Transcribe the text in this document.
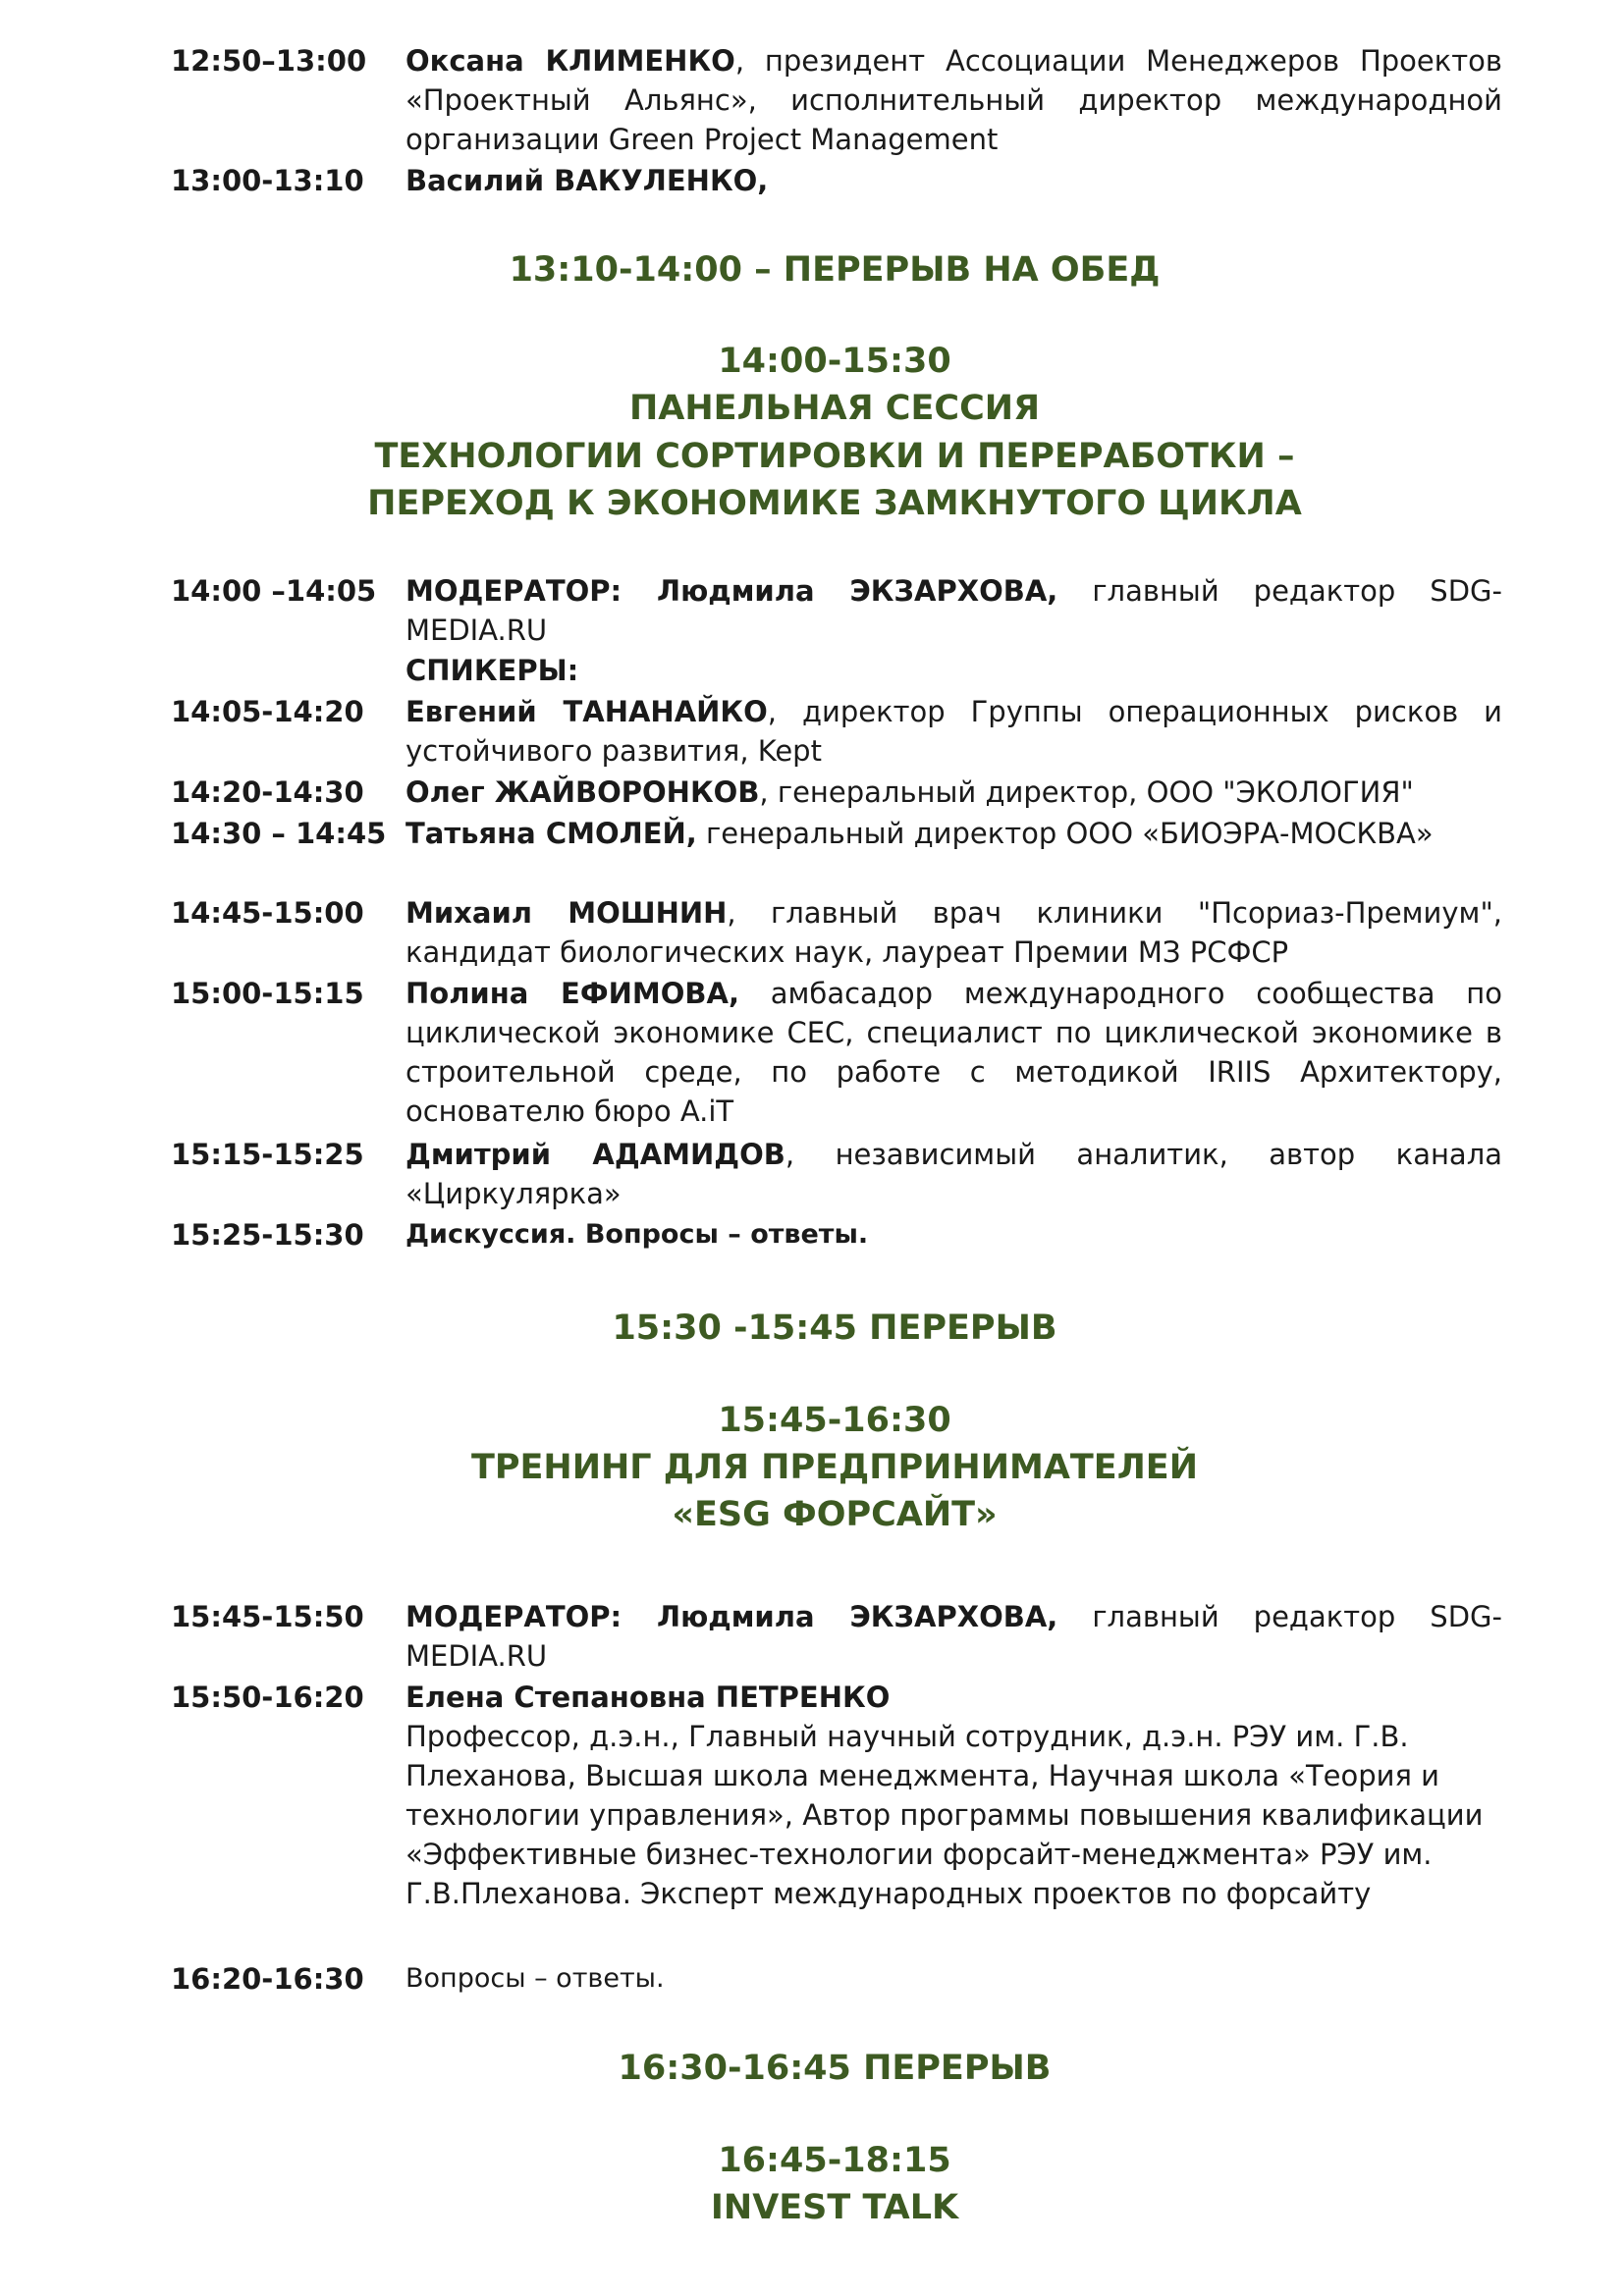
12:50–13:00	Оксана КЛИМЕНКО, президент Ассоциации Менеджеров Проектов «Проектный Альянс», исполнительный директор международной организации Green Project Management
13:00-13:10	Василий ВАКУЛЕНКО,
13:10-14:00 – ПЕРЕРЫВ НА ОБЕД
14:00-15:30
ПАНЕЛЬНАЯ СЕССИЯ
ТЕХНОЛОГИИ СОРТИРОВКИ И ПЕРЕРАБОТКИ –
ПЕРЕХОД К ЭКОНОМИКЕ ЗАМКНУТОГО ЦИКЛА
14:00 –14:05	МОДЕРАТОР: Людмила ЭКЗАРХОВА, главный редактор SDG-MEDIA.RU
СПИКЕРЫ:
14:05-14:20	Евгений ТАНАНАЙКО, директор Группы операционных рисков и устойчивого развития, Kept
14:20-14:30	Олег ЖАЙВОРОНКОВ, генеральный директор, ООО "ЭКОЛОГИЯ"
14:30 – 14:45 Татьяна СМОЛЕЙ, генеральный директор ООО «БИОЭРА-МОСКВА»
14:45-15:00	Михаил МОШНИН, главный врач клиники "Псориаз-Премиум", кандидат биологических наук, лауреат Премии МЗ РСФСР
15:00-15:15	Полина ЕФИМОВА, амбасадор международного сообщества по циклической экономике CEC, специалист по циклической экономике в строительной среде, по работе с методикой IRIIS Архитектору, основателю бюро A.iT
15:15-15:25	Дмитрий АДАМИДОВ, независимый аналитик, автор канала «Циркулярка»
15:25-15:30	Дискуссия. Вопросы – ответы.
15:30 -15:45 ПЕРЕРЫВ
15:45-16:30
ТРЕНИНГ ДЛЯ ПРЕДПРИНИМАТЕЛЕЙ
«ESG ФОРСАЙТ»
15:45-15:50	МОДЕРАТОР: Людмила ЭКЗАРХОВА, главный редактор SDG-MEDIA.RU
15:50-16:20	Елена Степановна ПЕТРЕНКО
Профессор, д.э.н., Главный научный сотрудник, д.э.н. РЭУ им. Г.В. Плеханова, Высшая школа менеджмента, Научная школа «Теория и технологии управления», Автор программы повышения квалификации «Эффективные бизнес-технологии форсайт-менеджмента» РЭУ им. Г.В.Плеханова. Эксперт международных проектов по форсайту
16:20-16:30	Вопросы – ответы.
16:30-16:45 ПЕРЕРЫВ
16:45-18:15
INVEST TALK
